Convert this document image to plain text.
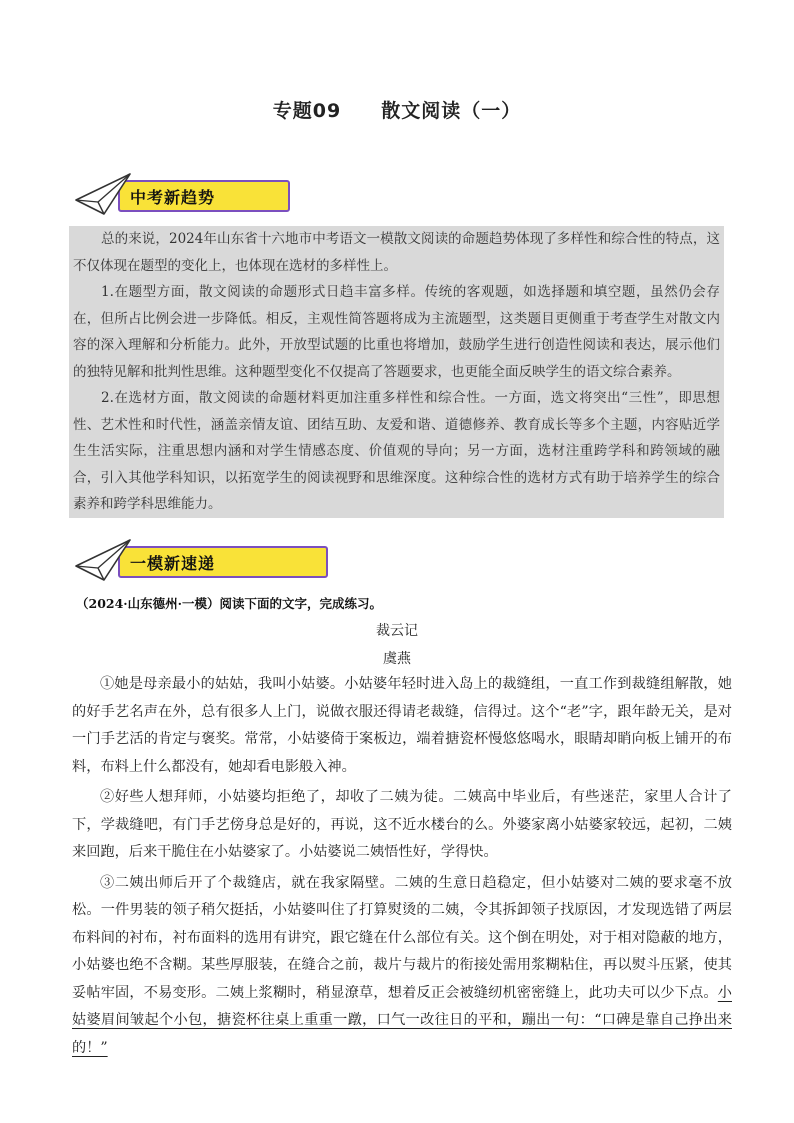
专题09 散文阅读（一）
中考新趋势

总的来说，2024年山东省十六地市中考语文一模散文阅读的命题趋势体现了多样性和综合性的特点，这不仅体现在题型的变化上，也体现在选材的多样性上。

1.在题型方面，散文阅读的命题形式日趋丰富多样。传统的客观题，如选择题和填空题，虽然仍会存在，但所占比例会进一步降低。相反，主观性简答题将成为主流题型，这类题目更侧重于考查学生对散文内容的深入理解和分析能力。此外，开放型试题的比重也将增加，鼓励学生进行创造性阅读和表达，展示他们的独特见解和批判性思维。这种题型变化不仅提高了答题要求，也更能全面反映学生的语文综合素养。

2.在选材方面，散文阅读的命题材料更加注重多样性和综合性。一方面，选文将突出“三性”，即思想性、艺术性和时代性，涵盖亲情友谊、团结互助、友爱和谐、道德修养、教育成长等多个主题，内容贴近学生生活实际，注重思想内涵和对学生情感态度、价值观的导向；另一方面，选材注重跨学科和跨领域的融合，引入其他学科知识，以拓宽学生的阅读视野和思维深度。这种综合性的选材方式有助于培养学生的综合素养和跨学科思维能力。

一模新速递
（2024·山东德州·一模）阅读下面的文字，完成练习。
裁云记
虞燕

①她是母亲最小的姑姑，我叫小姑婆。小姑婆年轻时进入岛上的裁缝组，一直工作到裁缝组解散，她的好手艺名声在外，总有很多人上门，说做衣服还得请老裁缝，信得过。这个“老”字，跟年龄无关，是对一门手艺活的肯定与褒奖。常常，小姑婆倚于案板边，端着搪瓷杯慢悠悠喝水，眼睛却睄向板上铺开的布料，布料上什么都没有，她却看电影般入神。

②好些人想拜师，小姑婆均拒绝了，却收了二姨为徒。二姨高中毕业后，有些迷茫，家里人合计了下，学裁缝吧，有门手艺傍身总是好的，再说，这不近水楼台的么。外婆家离小姑婆家较远，起初，二姨来回跑，后来干脆住在小姑婆家了。小姑婆说二姨悟性好，学得快。

③二姨出师后开了个裁缝店，就在我家隔壁。二姨的生意日趋稳定，但小姑婆对二姨的要求毫不放松。一件男装的领子稍欠挺括，小姑婆叫住了打算熨烫的二姨，令其拆卸领子找原因，才发现选错了两层布料间的衬布，衬布面料的选用有讲究，跟它缝在什么部位有关。这个倒在明处，对于相对隐蔽的地方，小姑婆也绝不含糊。某些厚服装，在缝合之前，裁片与裁片的衔接处需用浆糊粘住，再以熨斗压紧，使其妥帖牢固，不易变形。二姨上浆糊时，稍显潦草，想着反正会被缝纫机密密缝上，此功夫可以少下点。小姑婆眉间皱起个小包，搪瓷杯往桌上重重一蹾，口气一改往日的平和，蹦出一句：“口碑是靠自己挣出来的！”
